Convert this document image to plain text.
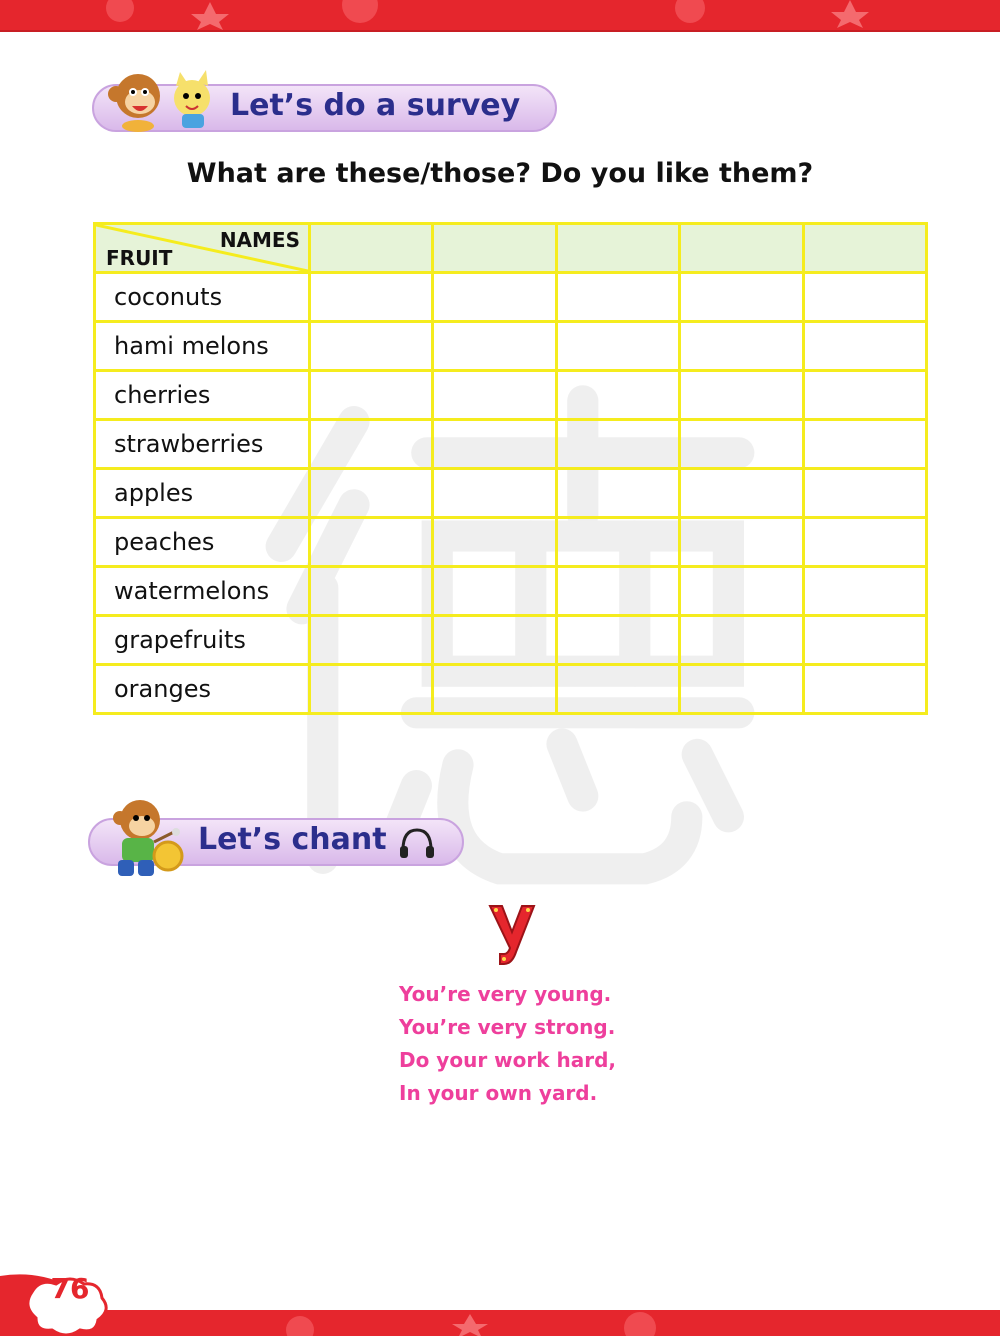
76
Let’s do a survey
What are these/those? Do you like them?
NAMES
FRUIT					

coconuts					
hami melons					
cherries					
strawberries					
apples					
peaches					
watermelons					
grapefruits					
oranges					
Let’s chant
You’re very young.
You’re very strong.
Do your work hard,
In your own yard.
